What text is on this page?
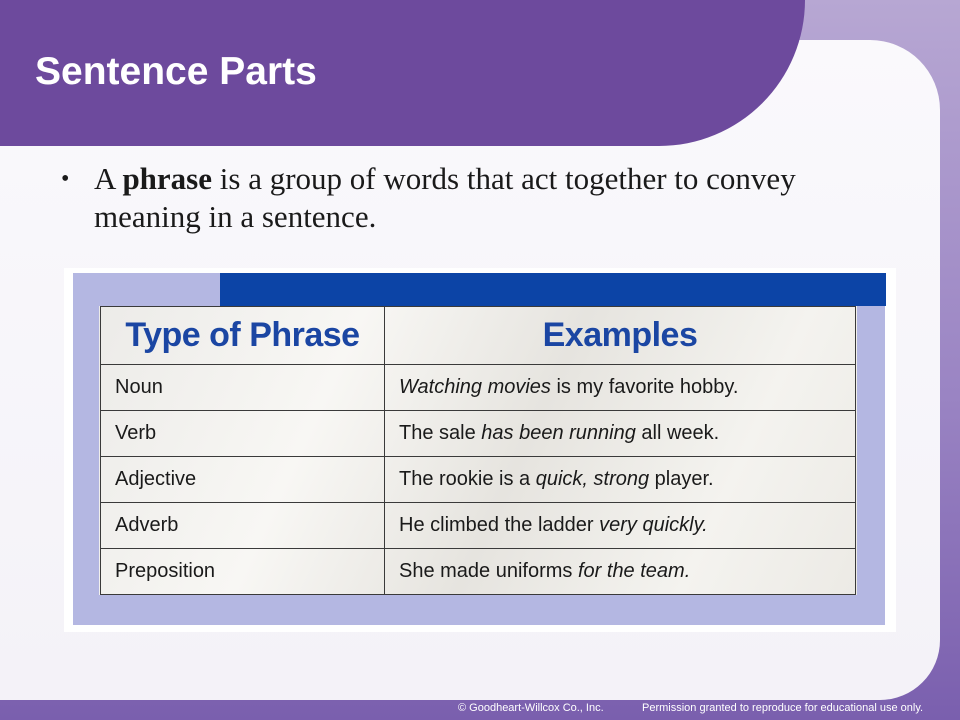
Sentence Parts
• A phrase is a group of words that act together to convey meaning in a sentence.
Type of Phrase	Examples
Noun	Watching movies is my favorite hobby.
Verb	The sale has been running all week.
Adjective	The rookie is a quick, strong player.
Adverb	He climbed the ladder very quickly.
Preposition	She made uniforms for the team.
© Goodheart-Willcox Co., Inc.	Permission granted to reproduce for educational use only.
